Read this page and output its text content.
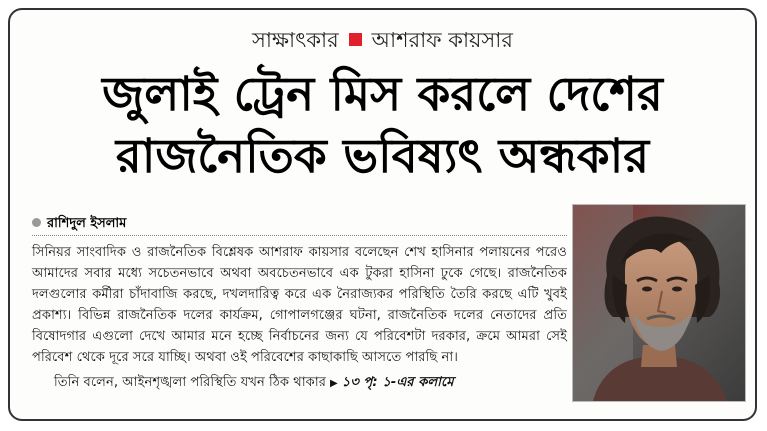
সাক্ষাৎকার আশরাফ কায়সার
জুলাই ট্রেন মিস করলে দেশের
রাজনৈতিক ভবিষ্যৎ অন্ধকার
রাশিদুল ইসলাম

সিনিয়র সাংবাদিক ও রাজনৈতিক বিশ্লেষক আশরাফ কায়সার বলেছেন শেখ হাসিনার পলায়নের পরেও আমাদের সবার মধ্যে সচেতনভাবে অথবা অবচেতনভাবে এক টুকরা হাসিনা ঢুকে গেছে। রাজনৈতিক দলগুলোর কর্মীরা চাঁদাবাজি করছে, দখলদারিত্ব করে এক নৈরাজ্যকর পরিস্থিতি তৈরি করছে এটি খুবই প্রকাশ্য। বিভিন্ন রাজনৈতিক দলের কার্যক্রম, গোপালগঞ্জের ঘটনা, রাজনৈতিক দলের নেতাদের প্রতি বিষোদগার এগুলো দেখে আমার মনে হচ্ছে নির্বাচনের জন্য যে পরিবেশটা দরকার, ক্রমে আমরা সেই পরিবেশ থেকে দূরে সরে যাচ্ছি। অথবা ওই পরিবেশের কাছাকাছি আসতে পারছি না।

তিনি বলেন, আইনশৃঙ্খলা পরিস্থিতি যখন ঠিক থাকার ▶ ১৩ পৃ: ১-এর কলামে
